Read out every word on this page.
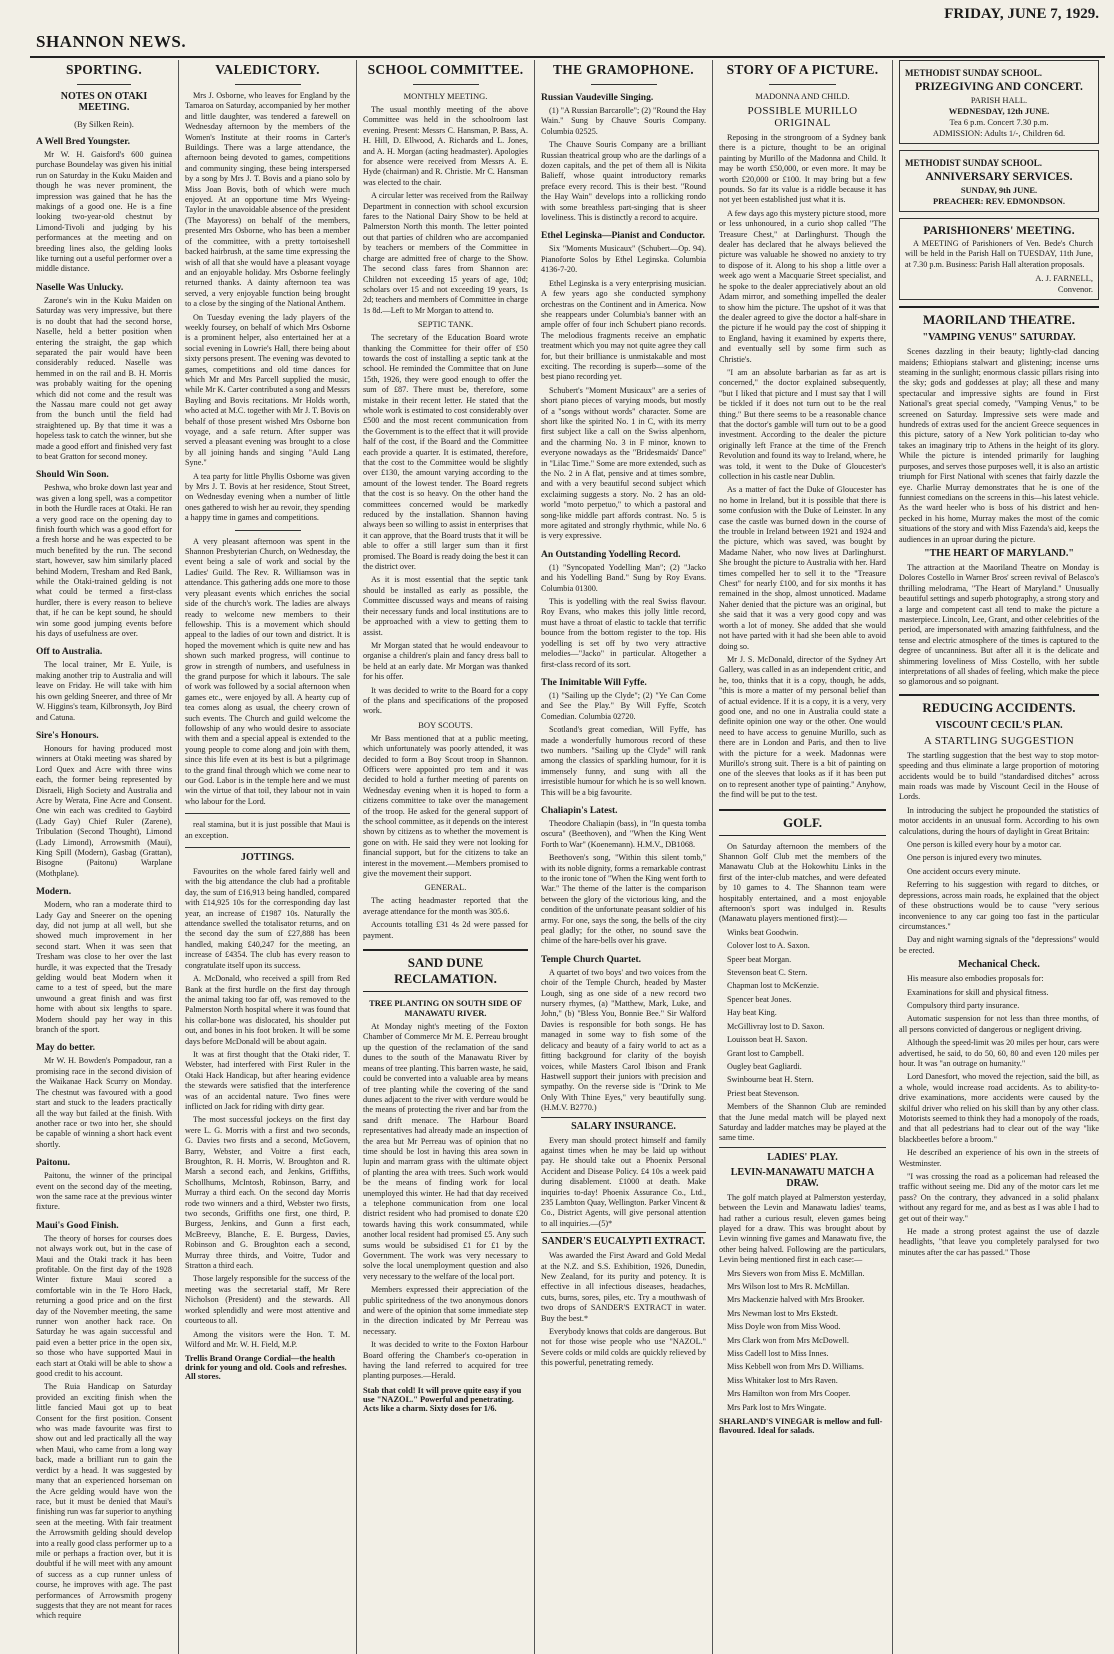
SHANNON NEWS.
FRIDAY, JUNE 7, 1929.
SPORTING.
NOTES ON OTAKI MEETING.
(By Silken Rein).
A Well Bred Youngster.

Mr W. H. Gaisford's 600 guinea purchase Boundelay was given his initial run on Saturday in the Kuku Maiden and though he was never prominent, the impression was gained that he has the makings of a good one. He is a fine looking two-year-old chestnut by Limond-Tivoli and judging by his performances at the meeting and on breeding lines also, the gelding looks like turning out a useful performer over a middle distance.

Naselle Was Unlucky.

Zarone's win in the Kuku Maiden on Saturday was very impressive, but there is no doubt that had the second horse, Naselle, held a better position when entering the straight, the gap which separated the pair would have been considerably reduced. Naselle was hemmed in on the rail and B. H. Morris was probably waiting for the opening which did not come and the result was the Nassau mare could not get away from the bunch until the field had straightened up. By that time it was a hopeless task to catch the winner, but she made a good effort and finished very fast to beat Gratton for second money.

Should Win Soon.

Peshwa, who broke down last year and was given a long spell, was a competitor in both the Hurdle races at Otaki. He ran a very good race on the opening day to finish fourth which was a good effort for a fresh horse and he was expected to be much benefited by the run. The second start, however, saw him similarly placed behind Modern, Tresham and Red Bank, while the Otaki-trained gelding is not what could be termed a first-class hurdler, there is every reason to believe that, if he can be kept sound, he should win some good jumping events before his days of usefulness are over.

Off to Australia.

The local trainer, Mr E. Yuile, is making another trip to Australia and will leave on Friday. He will take with him his own gelding Sneerer, and three of Mr W. Higgins's team, Kilbronsyth, Joy Bird and Catuna.

Sire's Honours.

Honours for having produced most winners at Otaki meeting was shared by Lord Quex and Acre with three wins each, the former being represented by Disraeli, High Society and Australia and Acre by Werata, Fine Acre and Consent. One win each was credited to Gaybird (Lady Gay) Chief Ruler (Zarene), Tribulation (Second Thought), Limond (Lady Limond), Arrowsmith (Maui), King Spill (Modern), Gasbag (Grattan), Bisogne (Paitonu) Warplane (Mothplane).

Modern.

Modern, who ran a moderate third to Lady Gay and Sneerer on the opening day, did not jump at all well, but she showed much improvement in her second start. When it was seen that Tresham was close to her over the last hurdle, it was expected that the Tresady gelding would beat Modern when it came to a test of speed, but the mare unwound a great finish and was first home with about six lengths to spare. Modern should pay her way in this branch of the sport.

May do better.

Mr W. H. Bowden's Pompadour, ran a promising race in the second division of the Waikanae Hack Scurry on Monday. The chestnut was favoured with a good start and stuck to the leaders practically all the way but failed at the finish. With another race or two into her, she should be capable of winning a short hack event shortly.

Paitonu.

Paitonu, the winner of the principal event on the second day of the meeting, won the same race at the previous winter fixture.

Maui's Good Finish.

The theory of horses for courses does not always work out, but in the case of Maui and the Otaki track it has been profitable. On the first day of the 1928 Winter fixture Maui scored a comfortable win in the Te Horo Hack, returning a good price and on the first day of the November meeting, the same runner won another hack race. On Saturday he was again successful and paid even a better price in the open six, so those who have supported Maui in each start at Otaki will be able to show a good credit to his account.

The Ruia Handicap on Saturday provided an exciting finish when the little fancied Maui got up to beat Consent for the first position. Consent who was made favourite was first to show out and led practically all the way when Maui, who came from a long way back, made a brilliant run to gain the verdict by a head. It was suggested by many that an experienced horseman on the Acre gelding would have won the race, but it must be denied that Maui's finishing run was far superior to anything seen at the meeting. With fair treatment the Arrowsmith gelding should develop into a really good class performer up to a mile or perhaps a fraction over, but it is doubtful if he will meet with any amount of success as a cup runner unless of course, he improves with age. The past performances of Arrowsmith progeny suggests that they are not meant for races which require

VALEDICTORY.

Mrs J. Osborne, who leaves for England by the Tamaroa on Saturday, accompanied by her mother and little daughter, was tendered a farewell on Wednesday afternoon by the members of the Women's Institute at their rooms in Carter's Buildings. There was a large attendance, the afternoon being devoted to games, competitions and community singing, these being interspersed by a song by Mrs J. T. Bovis and a piano solo by Miss Joan Bovis, both of which were much enjoyed. At an opportune time Mrs Wyeing-Taylor in the unavoidable absence of the president (The Mayoress) on behalf of the members, presented Mrs Osborne, who has been a member of the committee, with a pretty tortoiseshell backed hairbrush, at the same time expressing the wish of all that she would have a pleasant voyage and an enjoyable holiday. Mrs Osborne feelingly returned thanks. A dainty afternoon tea was served, a very enjoyable function being brought to a close by the singing of the National Anthem.

On Tuesday evening the lady players of the weekly foursey, on behalf of which Mrs Osborne is a prominent helper, also entertained her at a social evening in Lowrie's Hall, there being about sixty persons present. The evening was devoted to games, competitions and old time dances for which Mr and Mrs Parcell supplied the music, while Mr K. Carter contributed a song and Messrs Bayling and Bovis recitations. Mr Holds worth, who acted at M.C. together with Mr J. T. Bovis on behalf of those present wished Mrs Osborne bon voyage, and a safe return. After supper was served a pleasant evening was brought to a close by all joining hands and singing "Auld Lang Syne."

A tea party for little Phyllis Osborne was given by Mrs J. T. Bovis at her residence, Stout Street, on Wednesday evening when a number of little ones gathered to wish her au revoir, they spending a happy time in games and competitions.

A very pleasant afternoon was spent in the Shannon Presbyterian Church, on Wednesday, the event being a sale of work and social by the Ladies' Guild. The Rev. R. Williamson was in attendance. This gathering adds one more to those very pleasant events which enriches the social side of the church's work. The ladies are always ready to welcome new members to their fellowship. This is a movement which should appeal to the ladies of our town and district. It is hoped the movement which is quite new and has shown such marked progress, will continue to grow in strength of numbers, and usefulness in the grand purpose for which it labours. The sale of work was followed by a social afternoon when games etc., were enjoyed by all. A hearty cup of tea comes along as usual, the cheery crown of such events. The Church and guild welcome the followship of any who would desire to associate with them and a special appeal is extended to the young people to come along and join with them, since this life even at its best is but a pilgrimage to the grand final through which we come near to our God. Labor is in the temple here and we must win the virtue of that toil, they labour not in vain who labour for the Lord.

real stamina, but it is just possible that Maui is an exception.

JOTTINGS.

Favourites on the whole fared fairly well and with the big attendance the club had a profitable day, the sum of £16,913 being handled, compared with £14,925 10s for the corresponding day last year, an increase of £1987 10s. Naturally the attendance swelled the totalisator returns, and on the second day the sum of £27,888 has been handled, making £40,247 for the meeting, an increase of £4354. The club has every reason to congratulate itself upon its success.

A. McDonald, who received a spill from Red Bank at the first hurdle on the first day through the animal taking too far off, was removed to the Palmerston North hospital where it was found that his collar-bone was dislocated, his shoulder put out, and bones in his foot broken. It will be some days before McDonald will be about again.

It was at first thought that the Otaki rider, T. Webster, had interfered with First Ruler in the Otaki Hack Handicap, but after hearing evidence the stewards were satisfied that the interference was of an accidental nature. Two fines were inflicted on Jack for riding with dirty gear.

The most successful jockeys on the first day were L. G. Morris with a first and two seconds, G. Davies two firsts and a second, McGovern, Barry, Webster, and Voitre a first each, Broughton, R. H. Morris, W. Broughton and R. Marsh a second each, and Jenkins, Griffiths, Schollhums, McIntosh, Robinson, Barry, and Murray a third each. On the second day Morris rode two winners and a third, Webster two firsts, two seconds, Griffiths one first, one third, P. Burgess, Jenkins, and Gunn a first each, McBreevy, Blanche, E. E. Burgess, Davies, Robinson and G. Broughton each a second, Murray three thirds, and Voitre, Tudor and Stratton a third each.

Those largely responsible for the success of the meeting was the secretarial staff, Mr Rere Nicholson (President) and the stewards. All worked splendidly and were most attentive and courteous to all.

Among the visitors were the Hon. T. M. Wilford and Mr. W. H. Field, M.P.

Trellis Brand Orange Cordial—the health drink for young and old. Cools and refreshes. All stores.
SCHOOL COMMITTEE.
MONTHLY MEETING.

The usual monthly meeting of the above Committee was held in the schoolroom last evening. Present: Messrs C. Hansman, P. Bass, A. H. Hill, D. Ellwood, A. Richards and L. Jones, and A. H. Morgan (acting headmaster). Apologies for absence were received from Messrs A. E. Hyde (chairman) and R. Christie. Mr C. Hansman was elected to the chair.

A circular letter was received from the Railway Department in connection with school excursion fares to the National Dairy Show to be held at Palmerston North this month. The letter pointed out that parties of children who are accompanied by teachers or members of the Committee in charge are admitted free of charge to the Show. The second class fares from Shannon are: Children not exceeding 15 years of age, 10d; scholars over 15 and not exceeding 19 years, 1s 2d; teachers and members of Committee in charge 1s 8d.—Left to Mr Morgan to attend to.

SEPTIC TANK.

The secretary of the Education Board wrote thanking the Committee for their offer of £50 towards the cost of installing a septic tank at the school. He reminded the Committee that on June 15th, 1926, they were good enough to offer the sum of £87. There must be, therefore, some mistake in their recent letter. He stated that the whole work is estimated to cost considerably over £500 and the most recent communication from the Government is to the effect that it will provide half of the cost, if the Board and the Committee each provide a quarter. It is estimated, therefore, that the cost to the Committee would be slightly over £130, the amount varying according to the amount of the lowest tender. The Board regrets that the cost is so heavy. On the other hand the committees concerned would be markedly reduced by the installation. Shannon having always been so willing to assist in enterprises that it can approve, that the Board trusts that it will be able to offer a still larger sum than it first promised. The Board is ready doing the best it can the district over.

As it is most essential that the septic tank should be installed as early as possible, the Committee discussed ways and means of raising their necessary funds and local institutions are to be approached with a view to getting them to assist.

Mr Morgan stated that he would endeavour to organise a children's plain and fancy dress ball to be held at an early date. Mr Morgan was thanked for his offer.

It was decided to write to the Board for a copy of the plans and specifications of the proposed work.

BOY SCOUTS.

Mr Bass mentioned that at a public meeting, which unfortunately was poorly attended, it was decided to form a Boy Scout troop in Shannon. Officers were appointed pro tem and it was decided to hold a further meeting of parents on Wednesday evening when it is hoped to form a citizens committee to take over the management of the troop. He asked for the general support of the school committee, as it depends on the interest shown by citizens as to whether the movement is gone on with. He said they were not looking for financial support, but for the citizens to take an interest in the movement.—Members promised to give the movement their support.

GENERAL.

The acting headmaster reported that the average attendance for the month was 305.6.

Accounts totalling £31 4s 2d were passed for payment.

SAND DUNE RECLAMATION.
TREE PLANTING ON SOUTH SIDE OF MANAWATU RIVER.

At Monday night's meeting of the Foxton Chamber of Commerce Mr M. E. Perreau brought up the question of the reclamation of the sand dunes to the south of the Manawatu River by means of tree planting. This barren waste, he said, could be converted into a valuable area by means of tree planting while the covering of the sand dunes adjacent to the river with verdure would be the means of protecting the river and bar from the sand drift menace. The Harbour Board representatives had already made an inspection of the area but Mr Perreau was of opinion that no time should be lost in having this area sown in lupin and marram grass with the ultimate object of planting the area with trees. Such work would be the means of finding work for local unemployed this winter. He had that day received a telephone communication from one local district resident who had promised to donate £20 towards having this work consummated, while another local resident had promised £5. Any such sums would be subsidised £1 for £1 by the Government. The work was very necessary to solve the local unemployment question and also very necessary to the welfare of the local port.

Members expressed their appreciation of the public spiritedness of the two anonymous donors and were of the opinion that some immediate step in the direction indicated by Mr Perreau was necessary.

It was decided to write to the Foxton Harbour Board offering the Chamber's co-operation in having the land referred to acquired for tree planting purposes.—Herald.

Stab that cold! It will prove quite easy if you use "NAZOL." Powerful and penetrating. Acts like a charm. Sixty doses for 1/6.
THE GRAMOPHONE.
Russian Vaudeville Singing.

(1) "A Russian Barcarolle"; (2) "Round the Hay Wain." Sung by Chauve Souris Company. Columbia 02525.

The Chauve Souris Company are a brilliant Russian theatrical group who are the darlings of a dozen capitals, and the pet of them all is Nikita Balieff, whose quaint introductory remarks preface every record. This is their best. "Round the Hay Wain" develops into a rollicking rondo with some breathless part-singing that is sheer loveliness. This is distinctly a record to acquire.

Ethel Leginska—Pianist and Conductor.

Six "Moments Musicaux" (Schubert—Op. 94). Pianoforte Solos by Ethel Leginska. Columbia 4136-7-20.

Ethel Leginska is a very enterprising musician. A few years ago she conducted symphony orchestras on the Continent and in America. Now she reappears under Columbia's banner with an ample offer of four inch Schubert piano records. The melodious fragments receive an emphatic treatment which you may not quite agree they call for, but their brilliance is unmistakable and most exciting. The recording is superb—some of the best piano recording yet.

Schubert's "Moment Musicaux" are a series of short piano pieces of varying moods, but mostly of a "songs without words" character. Some are short like the spirited No. 1 in C, with its merry first subject like a call on the Swiss alpenhorn, and the charming No. 3 in F minor, known to everyone nowadays as the "Bridesmaids' Dance" in "Lilac Time." Some are more extended, such as the No. 2 in A flat, pensive and at times sombre, and with a very beautiful second subject which exclaiming suggests a story. No. 2 has an old-world "moto perpetuo," to which a pastoral and song-like middle part affords contrast. No. 5 is more agitated and strongly rhythmic, while No. 6 is very expressive.

An Outstanding Yodelling Record.

(1) "Syncopated Yodelling Man"; (2) "Jacko and his Yodelling Band." Sung by Roy Evans. Columbia 01300.

This is yodelling with the real Swiss flavour. Roy Evans, who makes this jolly little record, must have a throat of elastic to tackle that terrific bounce from the bottom register to the top. His yodelling is set off by two very attractive melodies—"Jacko" in particular. Altogether a first-class record of its sort.

The Inimitable Will Fyffe.

(1) "Sailing up the Clyde"; (2) "Ye Can Come and See the Play." By Will Fyffe, Scotch Comedian. Columbia 02720.

Scotland's great comedian, Will Fyffe, has made a wonderfully humorous record of these two numbers. "Sailing up the Clyde" will rank among the classics of sparkling humour, for it is immensely funny, and sung with all the irresistible humour for which he is so well known. This will be a big favourite.

Chaliapin's Latest.

Theodore Chaliapin (bass), in "In questa tomba oscura" (Beethoven), and "When the King Went Forth to War" (Koenemann). H.M.V., DB1068.

Beethoven's song, "Within this silent tomb," with its noble dignity, forms a remarkable contrast to the ironic tone of "When the King went forth to War." The theme of the latter is the comparison between the glory of the victorious king, and the condition of the unfortunate peasant soldier of his army. For one, says the song, the bells of the city peal gladly; for the other, no sound save the chime of the hare-bells over his grave.

Temple Church Quartet.

A quartet of two boys' and two voices from the choir of the Temple Church, headed by Master Lough, sing as one side of a new record two nursery rhymes, (a) "Matthew, Mark, Luke, and John," (b) "Bless You, Bonnie Bee." Sir Walford Davies is responsible for both songs. He has managed in some way to fish some of the delicacy and beauty of a fairy world to act as a fitting background for clarity of the boyish voices, while Masters Carol Ibison and Frank Hastwell support their juniors with precision and sympathy. On the reverse side is "Drink to Me Only With Thine Eyes," very beautifully sung. (H.M.V. B2770.)

SALARY INSURANCE.

Every man should protect himself and family against times when he may be laid up without pay. He should take out a Phoenix Personal Accident and Disease Policy. £4 10s a week paid during disablement. £1000 at death. Make inquiries to-day! Phoenix Assurance Co., Ltd., 235 Lambton Quay, Wellington. Parker Vincent & Co., District Agents, will give personal attention to all inquiries.—(5)*

SANDER'S EUCALYPTI EXTRACT.

Was awarded the First Award and Gold Medal at the N.Z. and S.S. Exhibition, 1926, Dunedin, New Zealand, for its purity and potency. It is effective in all infectious diseases, headaches, cuts, burns, sores, piles, etc. Try a mouthwash of two drops of SANDER'S EXTRACT in water. Buy the best.*

Everybody knows that colds are dangerous. But not for those wise people who use "NAZOL." Severe colds or mild colds are quickly relieved by this powerful, penetrating remedy.

STORY OF A PICTURE.
MADONNA AND CHILD.
POSSIBLE MURILLO ORIGINAL

Reposing in the strongroom of a Sydney bank there is a picture, thought to be an original painting by Murillo of the Madonna and Child. It may be worth £50,000, or even more. It may be worth £20,000 or £100. It may bring but a few pounds. So far its value is a riddle because it has not yet been established just what it is.

A few days ago this mystery picture stood, more or less unhonoured, in a curio shop called "The Treasure Chest," at Darlinghurst. Though the dealer has declared that he always believed the picture was valuable he showed no anxiety to try to dispose of it. Along to his shop a little over a week ago went a Macquarie Street specialist, and he spoke to the dealer appreciatively about an old Adam mirror, and something impelled the dealer to show him the picture. The upshot of it was that the dealer agreed to give the doctor a half-share in the picture if he would pay the cost of shipping it to England, having it examined by experts there, and eventually sell by some firm such as Christie's.

"I am an absolute barbarian as far as art is concerned," the doctor explained subsequently, "but I liked that picture and I must say that I will be tickled if it does not turn out to be the real thing." But there seems to be a reasonable chance that the doctor's gamble will turn out to be a good investment. According to the dealer the picture originally left France at the time of the French Revolution and found its way to Ireland, where, he was told, it went to the Duke of Gloucester's collection in his castle near Dublin.

As a matter of fact the Duke of Gloucester has no home in Ireland, but it is possible that there is some confusion with the Duke of Leinster. In any case the castle was burned down in the course of the trouble in Ireland between 1921 and 1924 and the picture, which was saved, was bought by Madame Naher, who now lives at Darlinghurst. She brought the picture to Australia with her. Hard times compelled her to sell it to the "Treasure Chest" for nearly £100, and for six months it has remained in the shop, almost unnoticed. Madame Naher denied that the picture was an original, but she said that it was a very good copy and was worth a lot of money. She added that she would not have parted with it had she been able to avoid doing so.

Mr J. S. McDonald, director of the Sydney Art Gallery, was called in as an independent critic, and he, too, thinks that it is a copy, though, he adds, "this is more a matter of my personal belief than of actual evidence. If it is a copy, it is a very, very good one, and no one in Australia could state a definite opinion one way or the other. One would need to have access to genuine Murillo, such as there are in London and Paris, and then to live with the picture for a week. Madonnas were Murillo's strong suit. There is a bit of painting on one of the sleeves that looks as if it has been put on to represent another type of painting." Anyhow, the find will be put to the test.

GOLF.

On Saturday afternoon the members of the Shannon Golf Club met the members of the Manawatu Club at the Hokowhitu Links in the first of the inter-club matches, and were defeated by 10 games to 4. The Shannon team were hospitably entertained, and a most enjoyable afternoon's sport was indulged in. Results (Manawatu players mentioned first):—

Winks beat Goodwin.

Colover lost to A. Saxon.

Speer beat Morgan.

Stevenson beat C. Stern.

Chapman lost to McKenzie.

Spencer beat Jones.

Hay beat King.

McGillivray lost to D. Saxon.

Louisson beat H. Saxon.

Grant lost to Campbell.

Ougley beat Gagliardi.

Swinbourne beat H. Stern.

Priest beat Stevenson.

Members of the Shannon Club are reminded that the June medal match will be played next Saturday and ladder matches may be played at the same time.

LADIES' PLAY.
LEVIN-MANAWATU MATCH A DRAW.

The golf match played at Palmerston yesterday, between the Levin and Manawatu ladies' teams, had rather a curious result, eleven games being played for a draw. This was brought about by Levin winning five games and Manawatu five, the other being halved. Following are the particulars, Levin being mentioned first in each case:—

Mrs Sievers won from Miss E. McMillan.

Mrs Wilson lost to Mrs R. McMillan.

Mrs Mackenzie halved with Mrs Brooker.

Mrs Newman lost to Mrs Ekstedt.

Miss Doyle won from Miss Wood.

Mrs Clark won from Mrs McDowell.

Miss Cadell lost to Miss Innes.

Miss Kebbell won from Mrs D. Williams.

Miss Whitaker lost to Mrs Raven.

Mrs Hamilton won from Mrs Cooper.

Mrs Park lost to Mrs Wingate.

SHARLAND'S VINEGAR is mellow and full-flavoured. Ideal for salads.
METHODIST SUNDAY SCHOOL.
PRIZEGIVING AND CONCERT.
PARISH HALL.
WEDNESDAY, 12th JUNE.
Tea 6 p.m. Concert 7.30 p.m.
ADMISSION: Adults 1/-, Children 6d.
METHODIST SUNDAY SCHOOL.
ANNIVERSARY SERVICES.
SUNDAY, 9th JUNE.
PREACHER: REV. EDMONDSON.
PARISHIONERS' MEETING.

A MEETING of Parishioners of Ven. Bede's Church will be held in the Parish Hall on TUESDAY, 11th June, at 7.30 p.m. Business: Parish Hall alteration proposals.

A. J. FARNELL,
Convenor.
MAORILAND THEATRE.
"VAMPING VENUS" SATURDAY.

Scenes dazzling in their beauty; lightly-clad dancing maidens; Ethiopians stalwart and glistening; incense urns steaming in the sunlight; enormous classic pillars rising into the sky; gods and goddesses at play; all these and many spectacular and impressive sights are found in First National's great special comedy, "Vamping Venus," to be screened on Saturday. Impressive sets were made and hundreds of extras used for the ancient Greece sequences in this picture, satory of a New York politician to-day who takes an imaginary trip to Athens in the height of its glory. While the picture is intended primarily for laughing purposes, and serves those purposes well, it is also an artistic triumph for First National with scenes that fairly dazzle the eye. Charlie Murray demonstrates that he is one of the funniest comedians on the screens in this—his latest vehicle. As the ward heeler who is boss of his district and hen-pecked in his home, Murray makes the most of the comic situations of the story and with Miss Fazenda's aid, keeps the audiences in an uproar during the picture.

"THE HEART OF MARYLAND."

The attraction at the Maoriland Theatre on Monday is Dolores Costello in Warner Bros' screen revival of Belasco's thrilling melodrama, "The Heart of Maryland." Unusually beautiful settings and superb photography, a strong story and a large and competent cast all tend to make the picture a masterpiece. Lincoln, Lee, Grant, and other celebrities of the period, are impersonated with amazing faithfulness, and the tense and electric atmosphere of the times is captured to the degree of uncanniness. But after all it is the delicate and shimmering loveliness of Miss Costello, with her subtle interpretations of all shades of feeling, which make the piece so glamorous and so poignant.

REDUCING ACCIDENTS.
VISCOUNT CECIL'S PLAN.
A STARTLING SUGGESTION

The startling suggestion that the best way to stop motor-speeding and thus eliminate a large proportion of motoring accidents would be to build "standardised ditches" across main roads was made by Viscount Cecil in the House of Lords.

In introducing the subject he propounded the statistics of motor accidents in an unusual form. According to his own calculations, during the hours of daylight in Great Britain:

One person is killed every hour by a motor car.

One person is injured every two minutes.

One accident occurs every minute.

Referring to his suggestion with regard to ditches, or depressions, across main roads, he explained that the object of these obstructions would be to cause "very serious inconvenience to any car going too fast in the particular circumstances."

Day and night warning signals of the "depressions" would be erected.

Mechanical Check.

His measure also embodies proposals for:

Examinations for skill and physical fitness.

Compulsory third party insurance.

Automatic suspension for not less than three months, of all persons convicted of dangerous or negligent driving.

Although the speed-limit was 20 miles per hour, cars were advertised, he said, to do 50, 60, 80 and even 120 miles per hour. It was "an outrage on humanity."

Lord Danesfort, who moved the rejection, said the bill, as a whole, would increase road accidents. As to ability-to-drive examinations, more accidents were caused by the skilful driver who relied on his skill than by any other class. Motorists seemed to think they had a monopoly of the roads, and that all pedestrians had to clear out of the way "like blackbeetles before a broom."

He described an experience of his own in the streets of Westminster.

"I was crossing the road as a policeman had released the traffic without seeing me. Did any of the motor cars let me pass? On the contrary, they advanced in a solid phalanx without any regard for me, and as best as I was able I had to get out of their way."

He made a strong protest against the use of dazzle headlights, "that leave you completely paralysed for two minutes after the car has passed." Those
